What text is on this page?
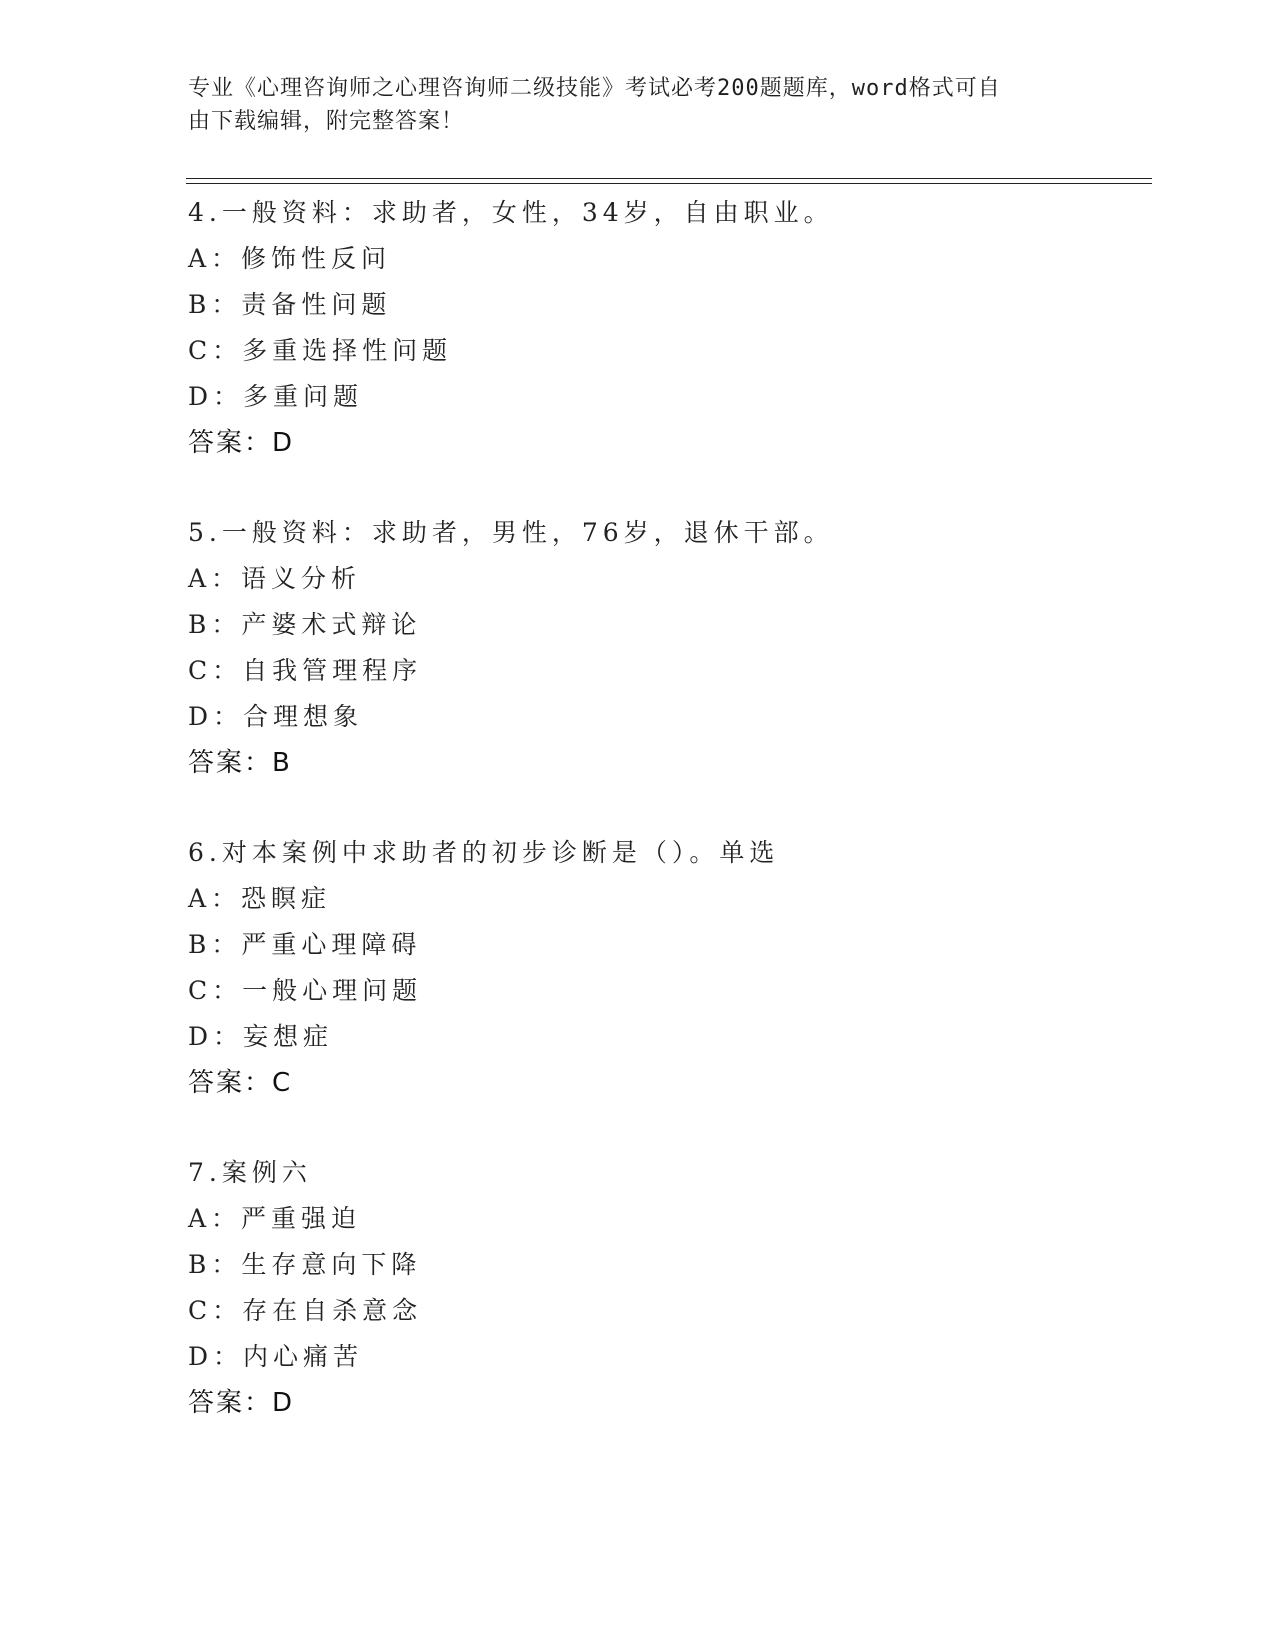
专业《心理咨询师之心理咨询师二级技能》考试必考200题题库，word格式可自
由下载编辑，附完整答案！
4.一般资料：求助者，女性，34岁，自由职业。
A：修饰性反问
B：责备性问题
C：多重选择性问题
D：多重问题
答案：D
5.一般资料：求助者，男性，76岁，退休干部。
A：语义分析
B：产婆术式辩论
C：自我管理程序
D：合理想象
答案：B
6.对本案例中求助者的初步诊断是（）。单选
A：恐瞑症
B：严重心理障碍
C：一般心理问题
D：妄想症
答案：C
7.案例六
A：严重强迫
B：生存意向下降
C：存在自杀意念
D：内心痛苦
答案：D
